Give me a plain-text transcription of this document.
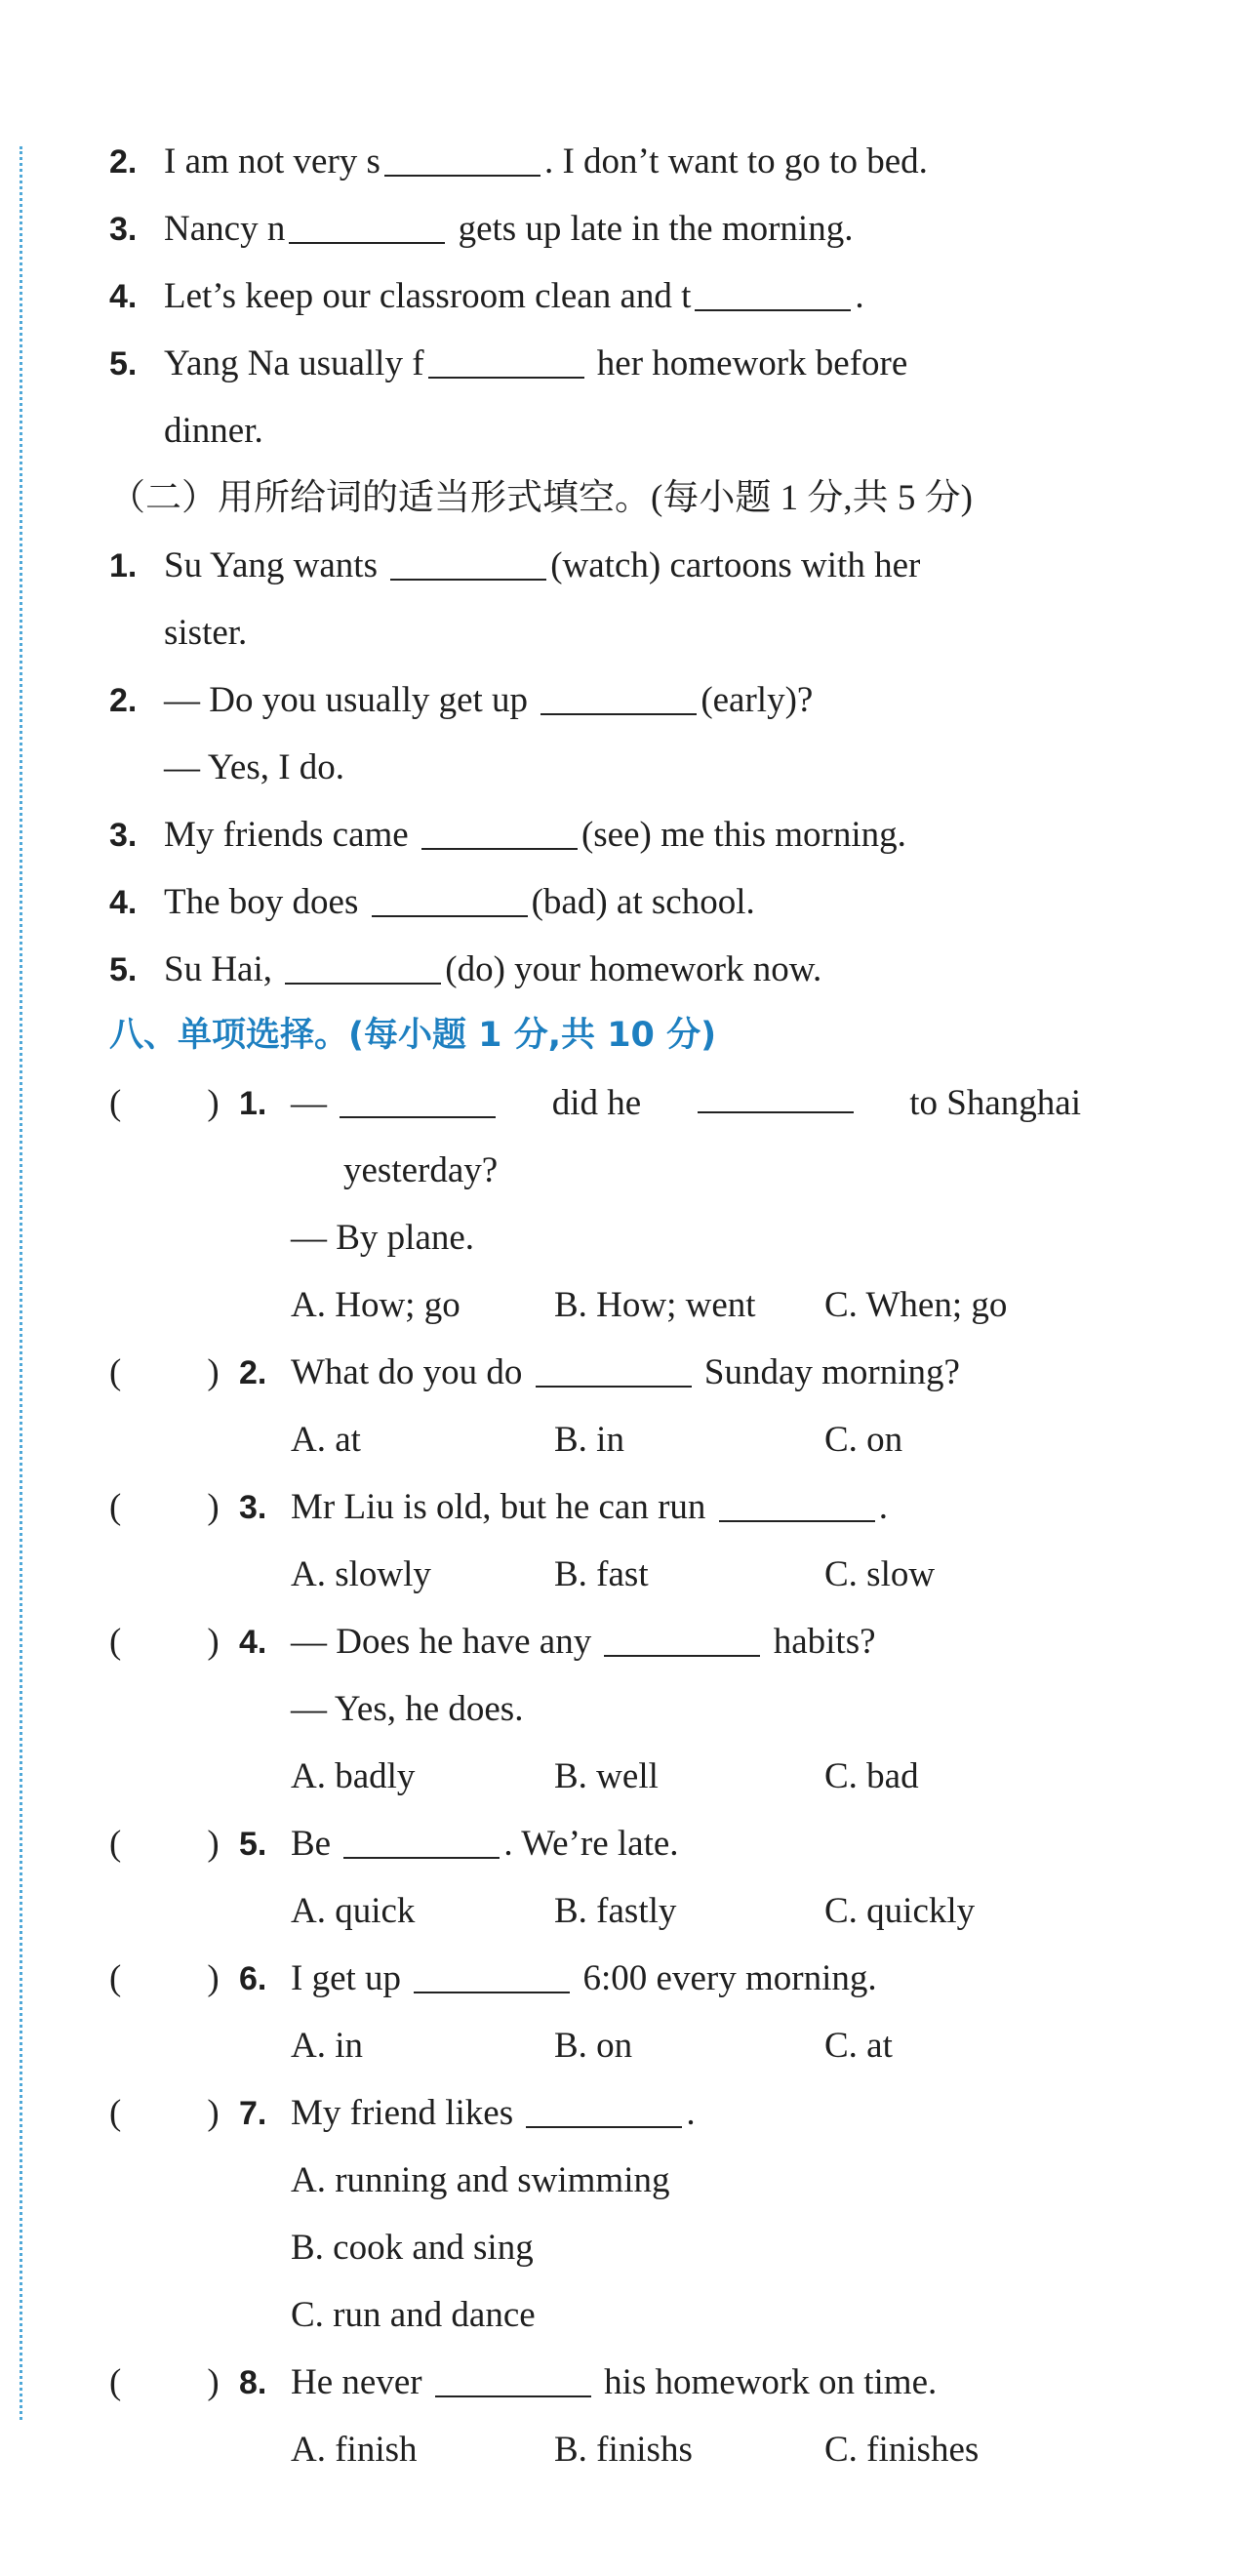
2. I am not very s	. I don’t want to go to bed.
3. Nancy n	gets up late in the morning.
4. Let’s keep our classroom clean and t	.
5. Yang Na usually f	her homework before
dinner.
（二）用所给词的适当形式填空。(每小题 1 分,共 5 分)
1. Su Yang wants	(watch) cartoons with her
sister.
2. — Do you usually get up	(early)?
— Yes, I do.
3. My friends came	(see) me this morning.
4. The boy does	(bad) at school.
5. Su Hai,	(do) your homework now.
八、单项选择。(每小题 1 分,共 10 分)
( ) 1. —	did he	to Shanghai
yesterday?
— By plane.
A. How; go	B. How; went C. When; go
( ) 2. What do you do	Sunday morning?
A. at	B. in	C. on
( ) 3. Mr Liu is old, but he can run	.
A. slowly	B. fast	C. slow
( ) 4. — Does he have any	habits?
— Yes, he does.
A. badly	B. well	C. bad
( ) 5. Be	. We’re late.
A. quick	B. fastly	C. quickly
( ) 6. I get up	6:00 every morning.
A. in	B. on	C. at
( ) 7. My friend likes	.
A. running and swimming
B. cook and sing
C. run and dance
( ) 8. He never	his homework on time.
A. finish	B. finishs	C. finishes
